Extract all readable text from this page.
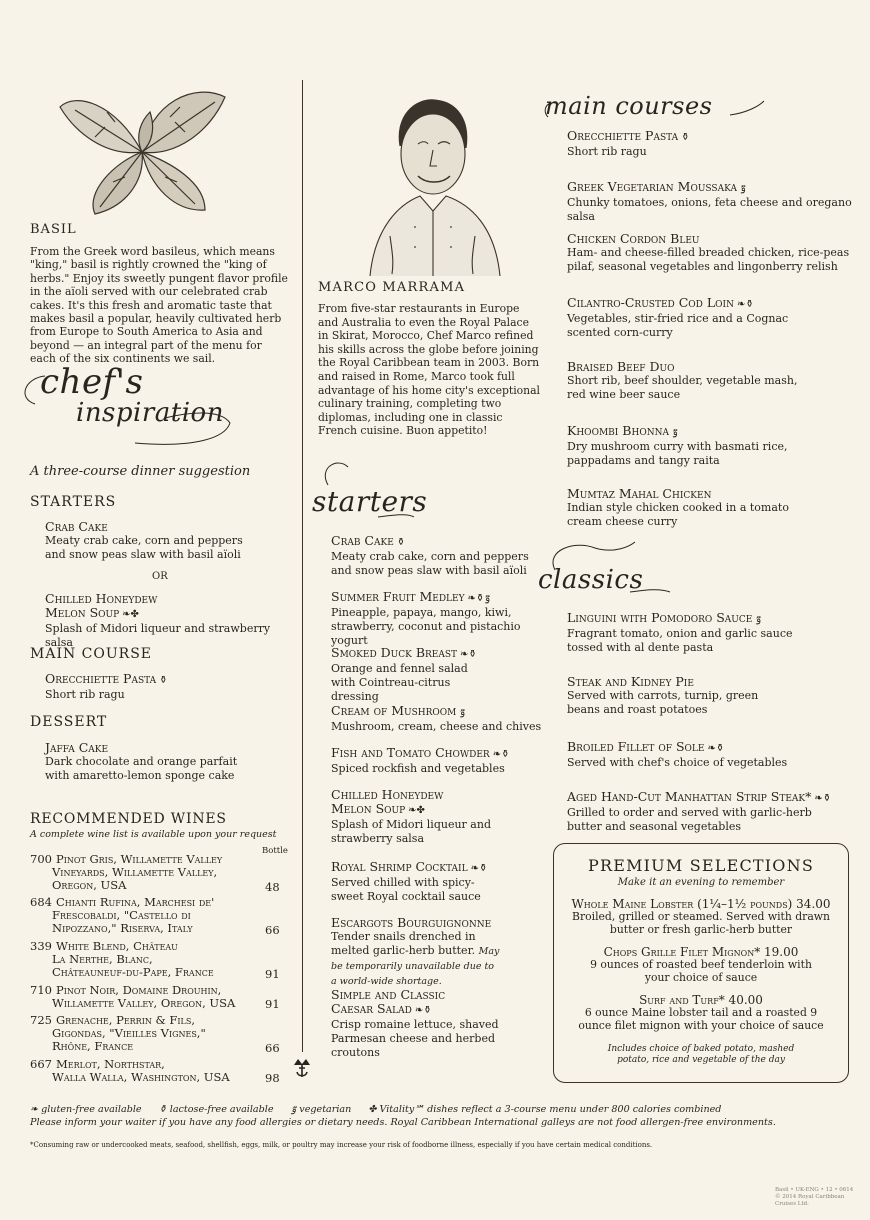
BASIL
From the Greek word basileus, which means "king," basil is rightly crowned the "king of herbs." Enjoy its sweetly pungent flavor profile in the aïoli served with our celebrated crab cakes. It's this fresh and aromatic taste that makes basil a popular, heavily cultivated herb from Europe to South America to Asia and beyond — an integral part of the menu for each of the six continents we sail.
chef's
inspiration
A three-course dinner suggestion
STARTERS
Crab Cake
Meaty crab cake, corn and peppers and snow peas slaw with basil aïoli
OR
Chilled Honeydew
Melon Soup ❧✤
Splash of Midori liqueur and strawberry salsa
MAIN COURSE
Orecchiette Pasta ⚱
Short rib ragu
DESSERT
Jaffa Cake
Dark chocolate and orange parfait with amaretto-lemon sponge cake
RECOMMENDED WINES
A complete wine list is available upon your request
Bottle
700 Pinot Gris, Willamette Valley
Vineyards, Willamette Valley,
Oregon, USA	48
684 Chianti Rufina, Marchesi de'
Frescobaldi, "Castello di
Nipozzano," Riserva, Italy	66
339 White Blend, Château
La Nerthe, Blanc,
Châteauneuf-du-Pape, France	91
710 Pinot Noir, Domaine Drouhin,
Willamette Valley, Oregon, USA	91
725 Grenache, Perrin & Fils,
Gigondas, "Vieilles Vignes,"
Rhône, France	66
667 Merlot, Northstar,
Walla Walla, Washington, USA	98
MARCO MARRAMA
From five-star restaurants in Europe and Australia to even the Royal Palace in Skirat, Morocco, Chef Marco refined his skills across the globe before joining the Royal Caribbean team in 2003. Born and raised in Rome, Marco took full advantage of his home city's exceptional culinary training, completing two diplomas, including one in classic French cuisine. Buon appetito!
starters
Crab Cake ⚱
Meaty crab cake, corn and peppers and snow peas slaw with basil aïoli
Summer Fruit Medley ❧⚱ٷ
Pineapple, papaya, mango, kiwi, strawberry, coconut and pistachio yogurt
Smoked Duck Breast ❧⚱
Orange and fennel salad with Cointreau-citrus dressing
Cream of Mushroom ٷ
Mushroom, cream, cheese and chives
Fish and Tomato Chowder ❧⚱
Spiced rockfish and vegetables
Chilled Honeydew
Melon Soup ❧✤
Splash of Midori liqueur and strawberry salsa
Royal Shrimp Cocktail ❧⚱
Served chilled with spicy-sweet Royal cocktail sauce
Escargots Bourguignonne
Tender snails drenched in melted garlic-herb butter. May be temporarily unavailable due to a world-wide shortage.
Simple and Classic
Caesar Salad ❧⚱
Crisp romaine lettuce, shaved Parmesan cheese and herbed croutons
main courses
Orecchiette Pasta ⚱
Short rib ragu
Greek Vegetarian Moussaka ٷ
Chunky tomatoes, onions, feta cheese and oregano salsa
Chicken Cordon Bleu
Ham- and cheese-filled breaded chicken, rice-peas pilaf, seasonal vegetables and lingonberry relish
Cilantro-Crusted Cod Loin ❧⚱
Vegetables, stir-fried rice and a Cognac scented corn-curry
Braised Beef Duo
Short rib, beef shoulder, vegetable mash, red wine beer sauce
Khoombi Bhonna ٷ
Dry mushroom curry with basmati rice, pappadams and tangy raita
Mumtaz Mahal Chicken
Indian style chicken cooked in a tomato cream cheese curry
classics
Linguini with Pomodoro Sauce ٷ
Fragrant tomato, onion and garlic sauce tossed with al dente pasta
Steak and Kidney Pie
Served with carrots, turnip, green beans and roast potatoes
Broiled Fillet of Sole ❧⚱
Served with chef's choice of vegetables
Aged Hand-Cut Manhattan Strip Steak* ❧⚱
Grilled to order and served with garlic-herb butter and seasonal vegetables
PREMIUM SELECTIONS
Make it an evening to remember
Whole Maine Lobster (1¼–1½ pounds) 34.00
Broiled, grilled or steamed. Served with drawn butter or fresh garlic-herb butter
Chops Grille Filet Mignon* 19.00
9 ounces of roasted beef tenderloin with your choice of sauce
Surf and Turf* 40.00
6 ounce Maine lobster tail and a roasted 9 ounce filet mignon with your choice of sauce
Includes choice of baked potato, mashed potato, rice and vegetable of the day
❧ gluten-free available ⚱ lactose-free available ٷ vegetarian ✤ Vitality℠ dishes reflect a 3-course menu under 800 calories combined
Please inform your waiter if you have any food allergies or dietary needs. Royal Caribbean International galleys are not food allergen-free environments.
*Consuming raw or undercooked meats, seafood, shellfish, eggs, milk, or poultry may increase your risk of foodborne illness, especially if you have certain medical conditions.
Basil • UK-ENG • 12 • 0614
© 2014 Royal Caribbean Cruises Ltd.
